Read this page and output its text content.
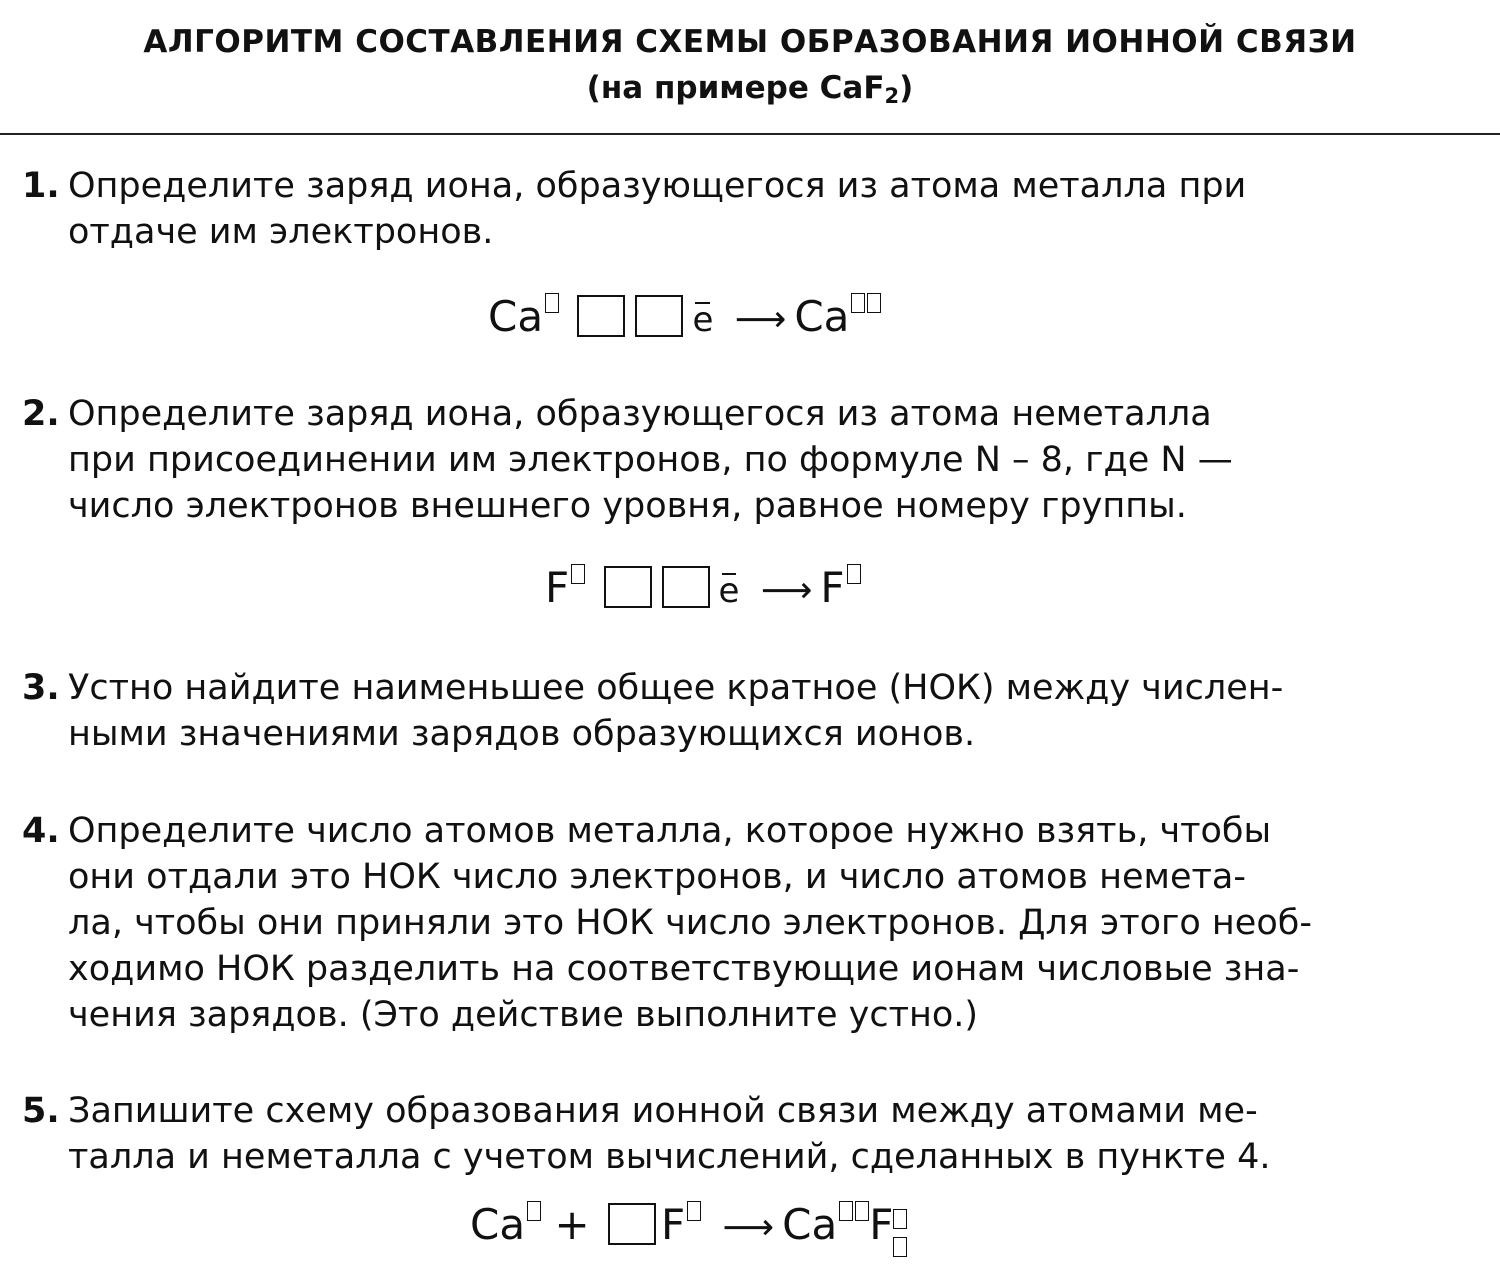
АЛГОРИТМ СОСТАВЛЕНИЯ СХЕМЫ ОБРАЗОВАНИЯ ИОННОЙ СВЯЗИ
(на примере CaF$_2$)
1. Определите заряд иона, образующегося из атома металла при
отдаче им электронов.
Ca	e ⟶ Ca
2. Определите заряд иона, образующегося из атома неметалла
при присоединении им электронов, по формуле N – 8, где N —
число электронов внешнего уровня, равное номеру группы.
F	e ⟶ F
3. Устно найдите наименьшее общее кратное (НОК) между числен-
ными значениями зарядов образующихся ионов.
4. Определите число атомов металла, которое нужно взять, чтобы
они отдали это НОК число электронов, и число атомов немета-
ла, чтобы они приняли это НОК число электронов. Для этого необ-
ходимо НОК разделить на соответствующие ионам числовые зна-
чения зарядов. (Это действие выполните устно.)
5. Запишите схему образования ионной связи между атомами ме-
талла и неметалла с учетом вычислений, сделанных в пункте 4.
Ca + F ⟶ Ca F
